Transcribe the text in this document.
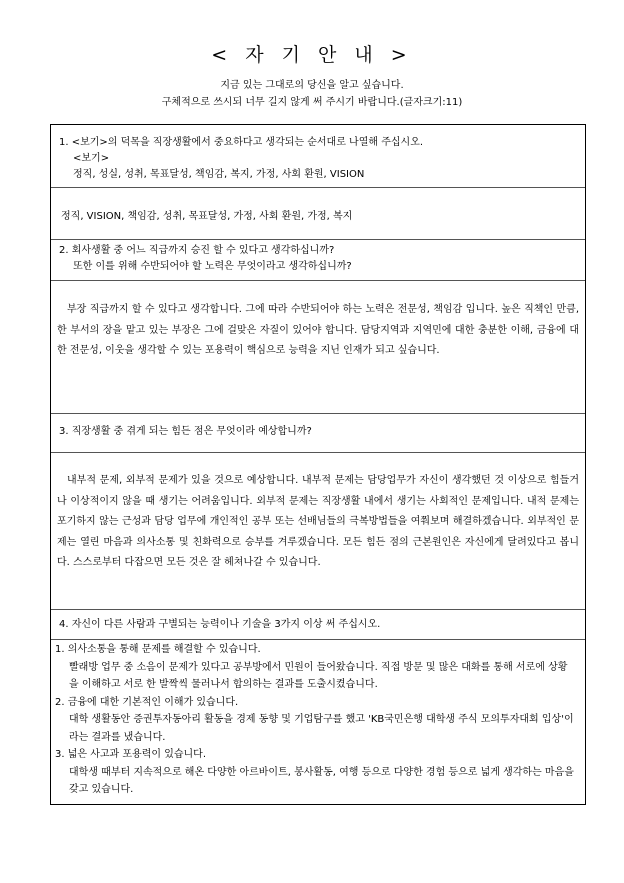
< 자 기 안 내 >
지금 있는 그대로의 당신을 알고 싶습니다.
구체적으로 쓰시되 너무 길지 않게 써 주시기 바랍니다.(글자크기:11)
1. <보기>의 덕목을 직장생활에서 중요하다고 생각되는 순서대로 나열해 주십시오.
<보기>
정직, 성실, 성취, 목표달성, 책임감, 복지, 가정, 사회 환원, VISION
정직, VISION, 책임감, 성취, 목표달성, 가정, 사회 환원, 가정, 복지
2. 회사생활 중 어느 직급까지 승진 할 수 있다고 생각하십니까?
또한 이를 위해 수반되어야 할 노력은 무엇이라고 생각하십니까?
부장 직급까지 할 수 있다고 생각합니다. 그에 따라 수반되어야 하는 노력은 전문성, 책임감 입니다. 높은 직책인 만큼, 한 부서의 장을 맡고 있는 부장은 그에 걸맞은 자질이 있어야 합니다. 담당지역과 지역민에 대한 충분한 이해, 금융에 대한 전문성, 이웃을 생각할 수 있는 포용력이 핵심으로 능력을 지닌 인재가 되고 싶습니다.
3. 직장생활 중 겪게 되는 힘든 점은 무엇이라 예상합니까?
내부적 문제, 외부적 문제가 있을 것으로 예상합니다. 내부적 문제는 담당업무가 자신이 생각했던 것 이상으로 힘들거나 이상적이지 않을 때 생기는 어려움입니다. 외부적 문제는 직장생활 내에서 생기는 사회적인 문제입니다. 내적 문제는 포기하지 않는 근성과 담당 업무에 개인적인 공부 또는 선배님들의 극복방법들을 여쭤보며 해결하겠습니다. 외부적인 문제는 열린 마음과 의사소통 및 친화력으로 승부를 겨루겠습니다. 모든 힘든 점의 근본원인은 자신에게 달려있다고 봅니다. 스스로부터 다잡으면 모든 것은 잘 헤쳐나갈 수 있습니다.
4. 자신이 다른 사람과 구별되는 능력이나 기술을 3가지 이상 써 주십시오.
1. 의사소통을 통해 문제를 해결할 수 있습니다.
빨래방 업무 중 소음이 문제가 있다고 공부방에서 민원이 들어왔습니다. 직접 방문 및 많은 대화를 통해 서로에 상황을 이해하고 서로 한 발짝씩 물러나서 합의하는 결과를 도출시켰습니다.
2. 금융에 대한 기본적인 이해가 있습니다.
대학 생활동안 증권투자동아리 활동을 경제 동향 및 기업탐구를 했고 'KB국민은행 대학생 주식 모의투자대회 입상'이라는 결과를 냈습니다.
3. 넓은 사고과 포용력이 있습니다.
대학생 때부터 지속적으로 해온 다양한 아르바이트, 봉사활동, 여행 등으로 다양한 경험 등으로 넓게 생각하는 마음을 갖고 있습니다.
